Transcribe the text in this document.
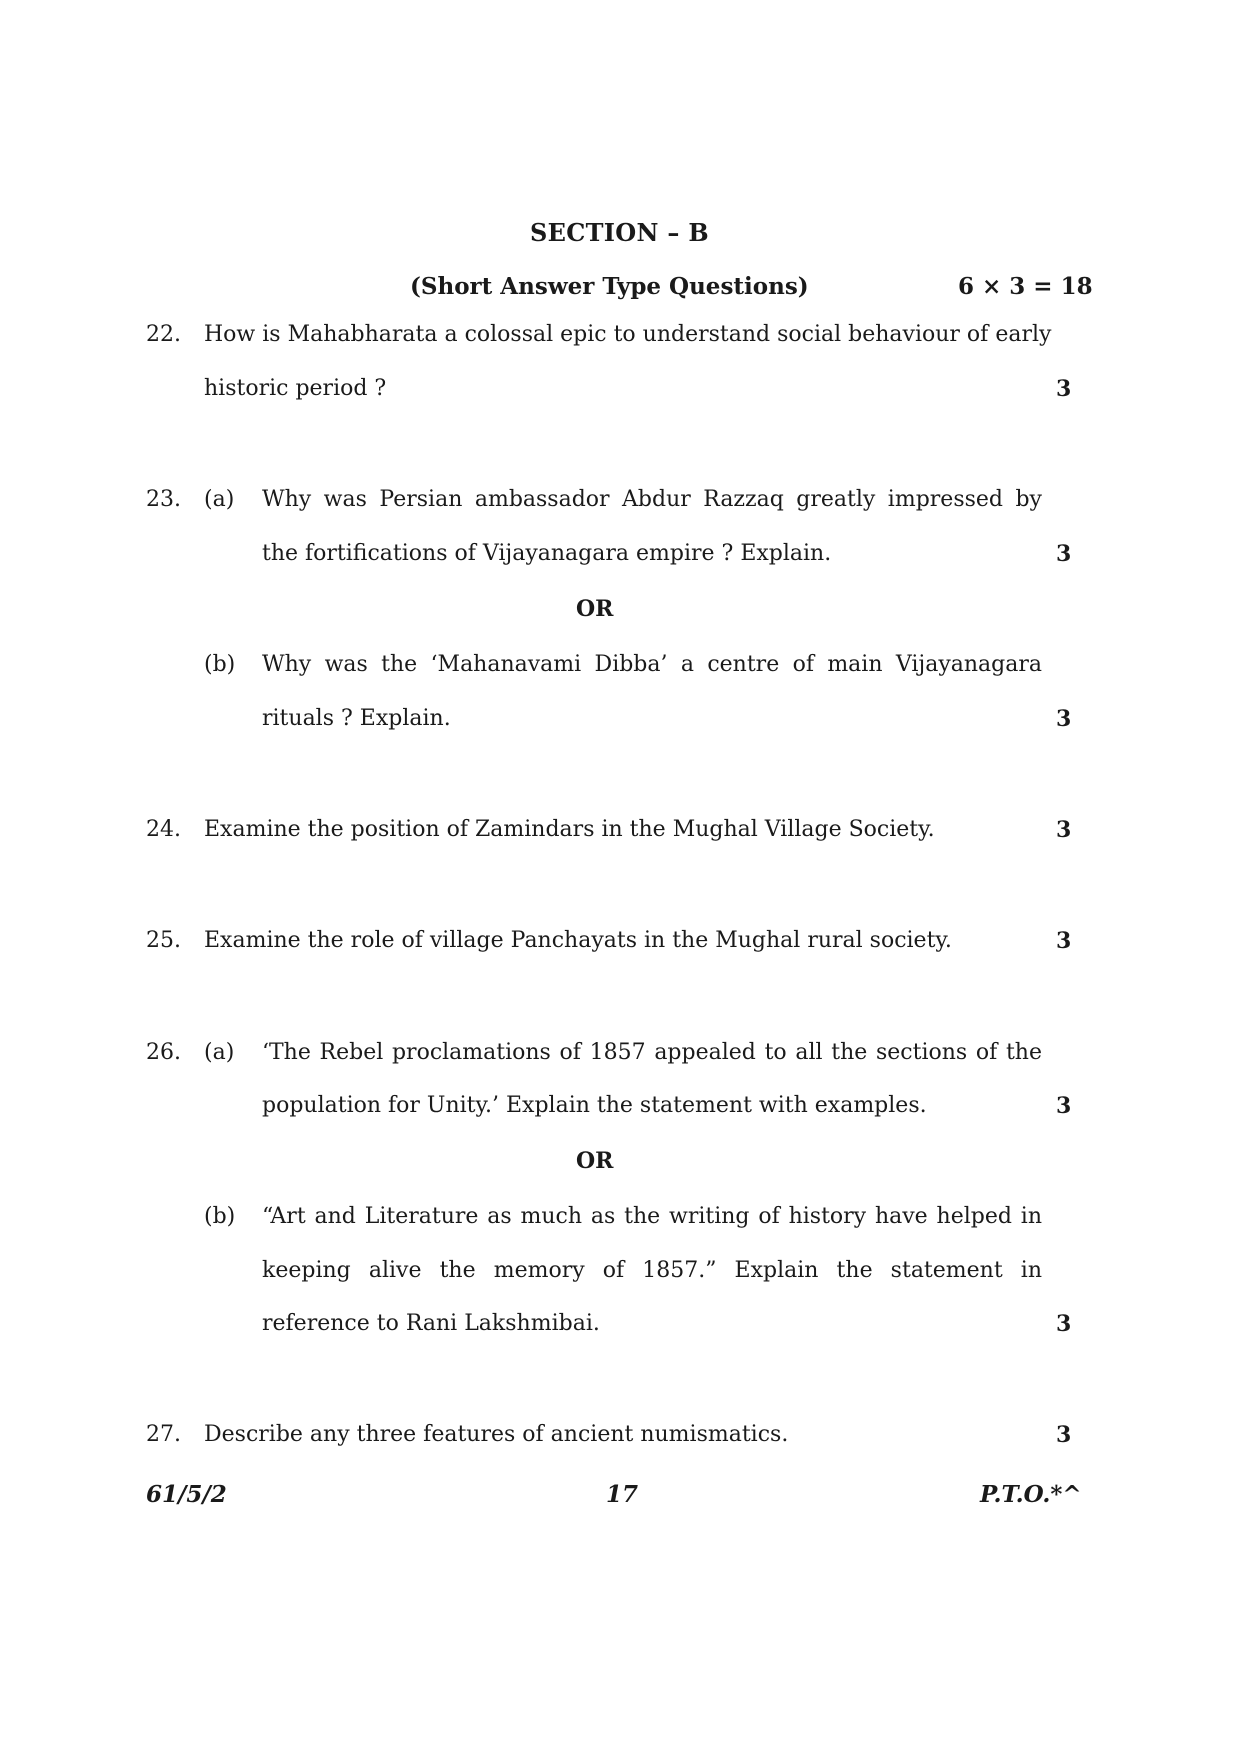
SECTION – B
(Short Answer Type Questions)	6 × 3 = 18
22. How is Mahabharata a colossal epic to understand social behaviour of early
historic period ?	3
23. (a) Why was Persian ambassador Abdur Razzaq greatly impressed by
the fortifications of Vijayanagara empire ? Explain.	3
OR
(b) Why was the ‘Mahanavami Dibba’ a centre of main Vijayanagara
rituals ? Explain.	3
24. Examine the position of Zamindars in the Mughal Village Society.	3
25. Examine the role of village Panchayats in the Mughal rural society.	3
26. (a) ‘The Rebel proclamations of 1857 appealed to all the sections of the
population for Unity.’ Explain the statement with examples.	3
OR
(b) “Art and Literature as much as the writing of history have helped in
keeping alive the memory of 1857.” Explain the statement in
reference to Rani Lakshmibai.	3
27. Describe any three features of ancient numismatics.	3
61/5/2	17	P.T.O.*^
